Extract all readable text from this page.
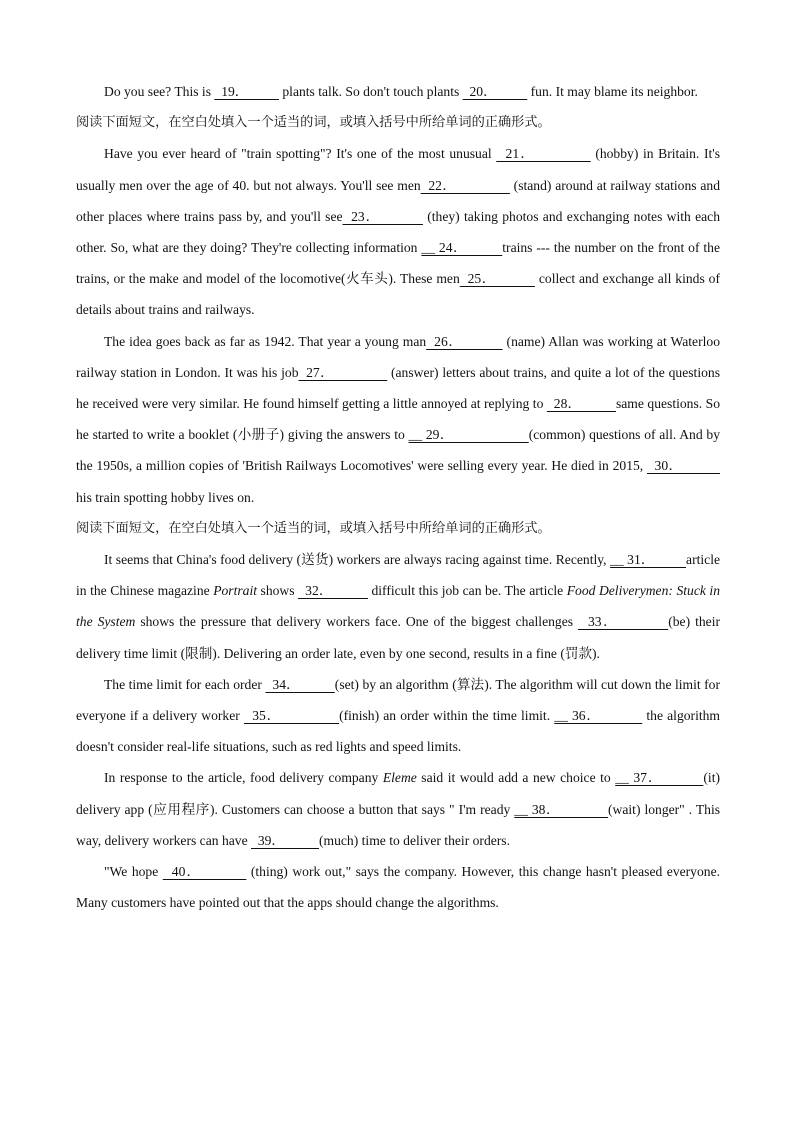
Do you see? This is   19．          plants talk. So don't touch plants   20．          fun. It may blame its neighbor.

阅读下面短文，在空白处填入一个适当的词，或填入括号中所给单词的正确形式。

Have you ever heard of "train spotting"? It's one of the most unusual   21．             (hobby) in Britain. It's usually men over the age of 40. but not always. You'll see men  22．               (stand) around at railway stations and other places where trains pass by, and you'll see  23．           (they) taking photos and exchanging notes with each other. So, what are they doing? They're collecting information __ 24．         trains --- the number on the front of the trains, or the make and model of the locomotive(火车头). These men  25．           collect and exchange all kinds of details about trains and railways.

The idea goes back as far as 1942. That year a young man  26．           (name) Allan was working at Waterloo railway station in London. It was his job  27．               (answer) letters about trains, and quite a lot of the questions he received were very similar. He found himself getting a little annoyed at replying to   28．          same questions. So he started to write a booklet (小册子) giving the answers to __ 29．                    (common) questions of all. And by the 1950s, a million copies of 'British Railways Locomotives' were selling every year. He died in 2015,   30．           his train spotting hobby lives on.

阅读下面短文，在空白处填入一个适当的词，或填入括号中所给单词的正确形式。

It seems that China's food delivery (送货) workers are always racing against time. Recently, __ 31．         article in the Chinese magazine Portrait shows   32．           difficult this job can be. The article Food Deliverymen: Stuck in the System shows the pressure that delivery workers face. One of the biggest challenges   33．          (be) their delivery time limit (限制). Delivering an order late, even by one second, results in a fine (罚款).

The time limit for each order   34．          (set) by an algorithm (算法). The algorithm will cut down the limit for everyone if a delivery worker   35．              (finish) an order within the time limit. __ 36．           the algorithm doesn't consider real-life situations, such as red lights and speed limits.

In response to the article, food delivery company Eleme said it would add a new choice to __ 37．         (it) delivery app (应用程序). Customers can choose a button that says " I'm ready __ 38．            (wait) longer" . This way, delivery workers can have   39．          (much) time to deliver their orders.

"We hope   40．           (thing) work out," says the company. However, this change hasn't pleased everyone. Many customers have pointed out that the apps should change the algorithms.
